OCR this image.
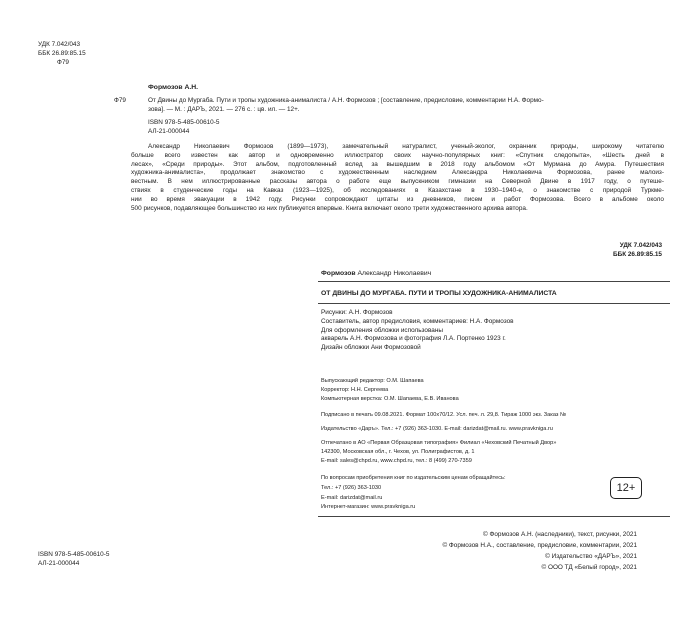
УДК 7.042/043
ББК 26.89:85.15
Ф79
Формозов А.Н.
Ф79	От Двины до Мургаба. Пути и тропы художника-анималиста / А.Н. Формозов ; [составление, предисловие, комментарии Н.А. Формо-
зова]. — М. : ДАРЪ, 2021. — 276 с. : цв. ил. — 12+.
ISBN 978-5-485-00610-5
АЛ-21-000044
Александр Николаевич Формозов (1899—1973), замечательный натуралист, ученый-эколог, охранник природы, широкому читателю
больше всего известен как автор и одновременно иллюстратор своих научно-популярных книг: «Спутник следопыта», «Шесть дней в
лесах», «Среди природы». Этот альбом, подготовленный вслед за вышедшим в 2018 году альбомом «От Мурмана до Амура. Путешествия
художника-анималиста», продолжает знакомство с художественным наследием Александра Николаевича Формозова, ранее малоиз-
вестным. В нем иллюстрированные рассказы автора о работе еще выпускником гимназии на Северной Двине в 1917 году, о путеше-
ствиях в студенческие годы на Кавказ (1923—1925), об исследованиях в Казахстане в 1930–1940-е, о знакомстве с природой Туркме-
нии во время эвакуации в 1942 году. Рисунки сопровождают цитаты из дневников, писем и работ Формозова. Всего в альбоме около
500 рисунков, подавляющее большинство из них публикуется впервые. Книга включает около трети художественного архива автора.
УДК 7.042/043
ББК 26.89:85.15
Формозов Александр Николаевич
ОТ ДВИНЫ ДО МУРГАБА. ПУТИ И ТРОПЫ ХУДОЖНИКА-АНИМАЛИСТА
Рисунки: А.Н. Формозов
Составитель, автор предисловия, комментариев: Н.А. Формозов
Для оформления обложки использованы
акварель А.Н. Формозова и фотография Л.А. Портенко 1923 г.
Дизайн обложки Ани Формозовой
Выпускающий редактор: О.М. Шапаева
Корректор: Н.Н. Сергеева
Компьютерная верстка: О.М. Шапаева, Е.В. Иванова
Подписано в печать 09.08.2021. Формат 100x70/12. Усл. печ. л. 29,8. Тираж 1000 экз. Заказ №
Издательство «Даръ». Тел.: +7 (926) 363-1030. E-mail: darizdat@mail.ru. www.pravkniga.ru
Отпечатано в АО «Первая Образцовая типография» Филиал «Чеховский Печатный Двор»
142300, Московская обл., г. Чехов, ул. Полиграфистов, д. 1
E-mail: sales@chpd.ru, www.chpd.ru, тел.: 8 (499) 270-7359
По вопросам приобретения книг по издательским ценам обращайтесь:
Тел.: +7 (926) 363-1030
E-mail: darizdat@mail.ru
Интернет-магазин: www.pravkniga.ru
12+
ISBN 978-5-485-00610-5
АЛ-21-000044
© Формозов А.Н. (наследники), текст, рисунки, 2021
© Формозов Н.А., составление, предисловие, комментарии, 2021
© Издательство «ДАРЪ», 2021
© ООО ТД «Белый город», 2021
